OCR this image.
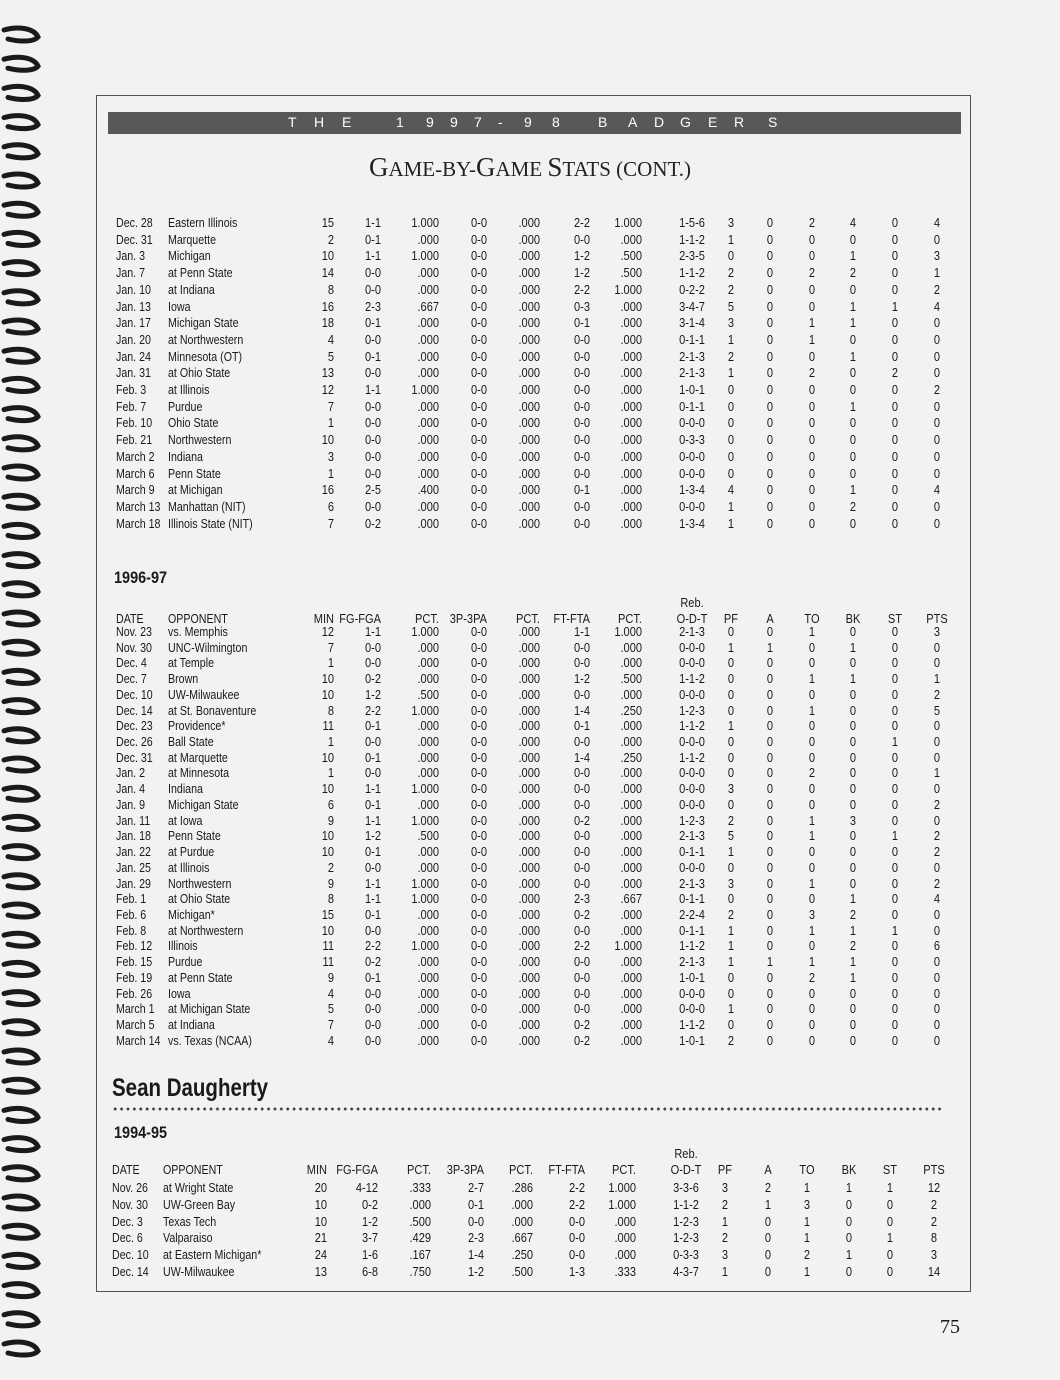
T H E	1 9 9 7 - 9 8	B A D G E R S
GAME-BY-GAME STATS (CONT.)
Dec. 28 Eastern Illinois	15 1-1 1.000 0-0 .000	2-2 1.000	1-5-6 3	0	2	4	0	4
Dec. 31 Marquette	2 0-1	.000 0-0 .000	0-0 .000	1-1-2 1	0	0	0	0	0
Jan. 3 Michigan	10 1-1 1.000 0-0 .000	1-2 .500	2-3-5 0	0	0	1	0	3
Jan. 7 at Penn State	14 0-0	.000 0-0 .000	1-2 .500	1-1-2 2	0	2	2	0	1
Jan. 10 at Indiana	8 0-0	.000 0-0 .000	2-2 1.000	0-2-2 2	0	0	0	0	2
Jan. 13 Iowa	16 2-3	.667 0-0 .000	0-3 .000	3-4-7 5	0	0	1	1	4
Jan. 17 Michigan State	18 0-1	.000 0-0 .000	0-1 .000	3-1-4 3	0	1	1	0	0
Jan. 20 at Northwestern	4 0-0	.000 0-0 .000	0-0 .000	0-1-1 1	0	1	0	0	0
Jan. 24 Minnesota (OT)	5 0-1	.000 0-0 .000	0-0 .000	2-1-3 2	0	0	1	0	0
Jan. 31 at Ohio State	13 0-0	.000 0-0 .000	0-0 .000	2-1-3 1	0	2	0	2	0
Feb. 3 at Illinois	12 1-1 1.000 0-0 .000	0-0 .000	1-0-1 0	0	0	0	0	2
Feb. 7 Purdue	7 0-0	.000 0-0 .000	0-0 .000	0-1-1 0	0	0	1	0	0
Feb. 10 Ohio State	1 0-0	.000 0-0 .000	0-0 .000	0-0-0 0	0	0	0	0	0
Feb. 21 Northwestern	10 0-0	.000 0-0 .000	0-0 .000	0-3-3 0	0	0	0	0	0
March 2 Indiana	3 0-0	.000 0-0 .000	0-0 .000	0-0-0 0	0	0	0	0	0
March 6 Penn State	1 0-0	.000 0-0 .000	0-0 .000	0-0-0 0	0	0	0	0	0
March 9 at Michigan	16 2-5	.400 0-0 .000	0-1 .000	1-3-4 4	0	0	1	0	4
March 13 Manhattan (NIT)	6 0-0	.000 0-0 .000	0-0 .000	0-0-0 1	0	0	2	0	0
March 18 Illinois State (NIT)	7 0-2	.000 0-0 .000	0-0 .000	1-3-4 1	0	0	0	0	0
1996-97
DATE OPPONENT	MIN FG-FGA	PCT. 3P-3PA PCT. FT-FTA PCT.	O-D-T PF A TO BK ST PTS
Reb.
Nov. 23 vs. Memphis	12 1-1 1.000 0-0 .000	1-1 1.000	2-1-3 0	0	1	0	0	3
Nov. 30 UNC-Wilmington	7 0-0	.000 0-0 .000	0-0 .000	0-0-0 1	1	0	1	0	0
Dec. 4 at Temple	1 0-0	.000 0-0 .000	0-0 .000	0-0-0 0	0	0	0	0	0
Dec. 7 Brown	10 0-2	.000 0-0 .000	1-2 .500	1-1-2 0	0	1	1	0	1
Dec. 10 UW-Milwaukee	10 1-2	.500 0-0 .000	0-0 .000	0-0-0 0	0	0	0	0	2
Dec. 14 at St. Bonaventure	8 2-2 1.000 0-0 .000	1-4 .250	1-2-3 0	0	1	0	0	5
Dec. 23 Providence*	11 0-1	.000 0-0 .000	0-1 .000	1-1-2 1	0	0	0	0	0
Dec. 26 Ball State	1 0-0	.000 0-0 .000	0-0 .000	0-0-0 0	0	0	0	1	0
Dec. 31 at Marquette	10 0-1	.000 0-0 .000	1-4 .250	1-1-2 0	0	0	0	0	0
Jan. 2 at Minnesota	1 0-0	.000 0-0 .000	0-0 .000	0-0-0 0	0	2	0	0	1
Jan. 4 Indiana	10 1-1 1.000 0-0 .000	0-0 .000	0-0-0 3	0	0	0	0	0
Jan. 9 Michigan State	6 0-1	.000 0-0 .000	0-0 .000	0-0-0 0	0	0	0	0	2
Jan. 11 at Iowa	9 1-1 1.000 0-0 .000	0-2 .000	1-2-3 2	0	1	3	0	0
Jan. 18 Penn State	10 1-2	.500 0-0 .000	0-0 .000	2-1-3 5	0	1	0	1	2
Jan. 22 at Purdue	10 0-1	.000 0-0 .000	0-0 .000	0-1-1 1	0	0	0	0	2
Jan. 25 at Illinois	2 0-0	.000 0-0 .000	0-0 .000	0-0-0 0	0	0	0	0	0
Jan. 29 Northwestern	9 1-1 1.000 0-0 .000	0-0 .000	2-1-3 3	0	1	0	0	2
Feb. 1 at Ohio State	8 1-1 1.000 0-0 .000	2-3 .667	0-1-1 0	0	0	1	0	4
Feb. 6 Michigan*	15 0-1	.000 0-0 .000	0-2 .000	2-2-4 2	0	3	2	0	0
Feb. 8 at Northwestern	10 0-0	.000 0-0 .000	0-0 .000	0-1-1 1	0	1	1	1	0
Feb. 12 Illinois	11 2-2 1.000 0-0 .000	2-2 1.000	1-1-2 1	0	0	2	0	6
Feb. 15 Purdue	11 0-2	.000 0-0 .000	0-0 .000	2-1-3 1	1	1	1	0	0
Feb. 19 at Penn State	9 0-1	.000 0-0 .000	0-0 .000	1-0-1 0	0	2	1	0	0
Feb. 26 Iowa	4 0-0	.000 0-0 .000	0-0 .000	0-0-0 0	0	0	0	0	0
March 1 at Michigan State	5 0-0	.000 0-0 .000	0-0 .000	0-0-0 1	0	0	0	0	0
March 5 at Indiana	7 0-0	.000 0-0 .000	0-2 .000	1-1-2 0	0	0	0	0	0
March 14 vs. Texas (NCAA)	4 0-0	.000 0-0 .000	0-2 .000	1-0-1 2	0	0	0	0	0
Sean Daugherty
1994-95
DATE OPPONENT	MIN FG-FGA PCT. 3P-3PA PCT. FT-FTA PCT.	O-D-T PF A TO BK ST PTS
Reb.
Nov. 26 at Wright State	20 4-12 .333	2-7 .286	2-2 1.000	3-3-6 3	2	1	1	1	12
Nov. 30 UW-Green Bay	10	0-2 .000	0-1 .000	2-2 1.000	1-1-2 2	1	3	0	0	2
Dec. 3 Texas Tech	10	1-2 .500	0-0 .000	0-0 .000	1-2-3 1	0	1	0	0	2
Dec. 6 Valparaiso	21	3-7 .429	2-3 .667	0-0 .000	1-2-3 2	0	1	0	1	8
Dec. 10 at Eastern Michigan*	24	1-6 .167	1-4 .250	0-0 .000	0-3-3 3	0	2	1	0	3
Dec. 14 UW-Milwaukee	13	6-8 .750	1-2 .500	1-3 .333	4-3-7 1	0	1	0	0	14
75
